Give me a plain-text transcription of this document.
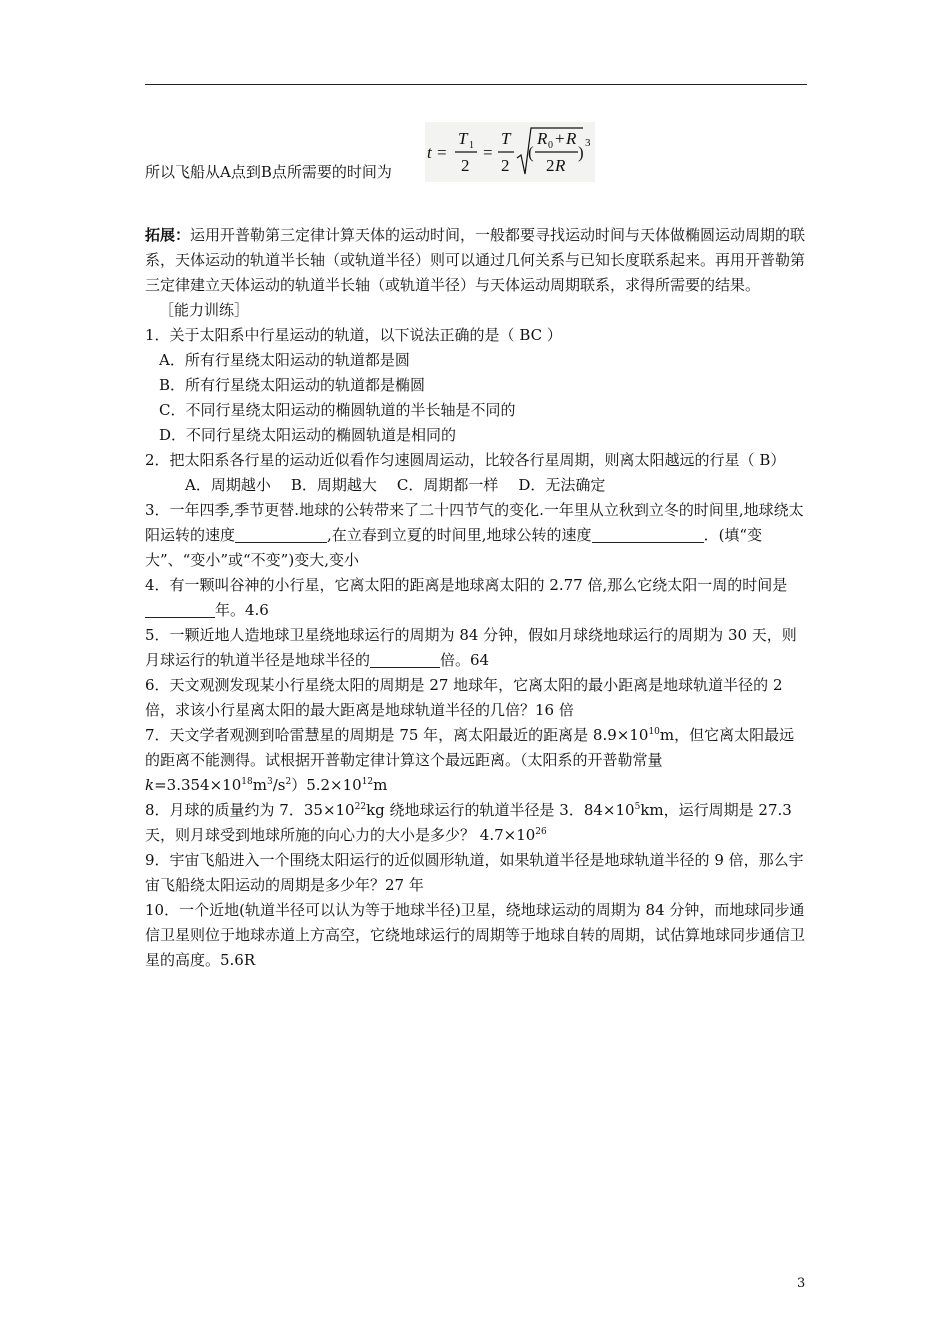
所以飞船从A点到B点所需要的时间为
t =
T 1
2
=
T
2
(
R 0 + R
2 R
) 3

拓展：运用开普勒第三定律计算天体的运动时间，一般都要寻找运动时间与天体做椭圆运动周期的联系，天体运动的轨道半长轴（或轨道半径）则可以通过几何关系与已知长度联系起来。再用开普勒第三定律建立天体运动的轨道半长轴（或轨道半径）与天体运动周期联系，求得所需要的结果。

［能力训练］

1．关于太阳系中行星运动的轨道，以下说法正确的是（ BC ）

A．所有行星绕太阳运动的轨道都是圆

B．所有行星绕太阳运动的轨道都是椭圆

C．不同行星绕太阳运动的椭圆轨道的半长轴是不同的

D．不同行星绕太阳运动的椭圆轨道是相同的

2．把太阳系各行星的运动近似看作匀速圆周运动，比较各行星周期，则离太阳越远的行星（ B）

A．周期越小 B．周期越大 C．周期都一样 D．无法确定

3．一年四季,季节更替.地球的公转带来了二十四节气的变化.一年里从立秋到立冬的时间里,地球绕太阳运转的速度	,在立春到立夏的时间里,地球公转的速度	．(填“变大”、“变小”或“不变”)变大,变小

4．有一颗叫谷神的小行星，它离太阳的距离是地球离太阳的 2.77 倍,那么它绕太阳一周的时间是年。4.6

5．一颗近地人造地球卫星绕地球运行的周期为 84 分钟，假如月球绕地球运行的周期为 30 天，则月球运行的轨道半径是地球半径的	倍。64

6．天文观测发现某小行星绕太阳的周期是 27 地球年，它离太阳的最小距离是地球轨道半径的 2 倍，求该小行星离太阳的最大距离是地球轨道半径的几倍？16 倍

7．天文学者观测到哈雷慧星的周期是 75 年，离太阳最近的距离是 $8.9\times 10^{10}m$，但它离太阳最远的距离不能测得。试根据开普勒定律计算这个最远距离。（太阳系的开普勒常量 $k=3.354\times 10^{18}m^3/s^2)5.2\times 10^{12}m$

8．月球的质量约为 7．$35\times 10^{22}kg$ 绕地球运行的轨道半径是 3．$84\times 10^5km$，运行周期是 27.3 天，则月球受到地球所施的向心力的大小是多少？ $4.7\times 10^{26}$

9．宇宙飞船进入一个围绕太阳运行的近似圆形轨道，如果轨道半径是地球轨道半径的 9 倍，那么宇宙飞船绕太阳运动的周期是多少年？27 年

10．一个近地(轨道半径可以认为等于地球半径)卫星，绕地球运动的周期为 84 分钟，而地球同步通信卫星则位于地球赤道上方高空，它绕地球运行的周期等于地球自转的周期，试估算地球同步通信卫星的高度。5.6R

3
